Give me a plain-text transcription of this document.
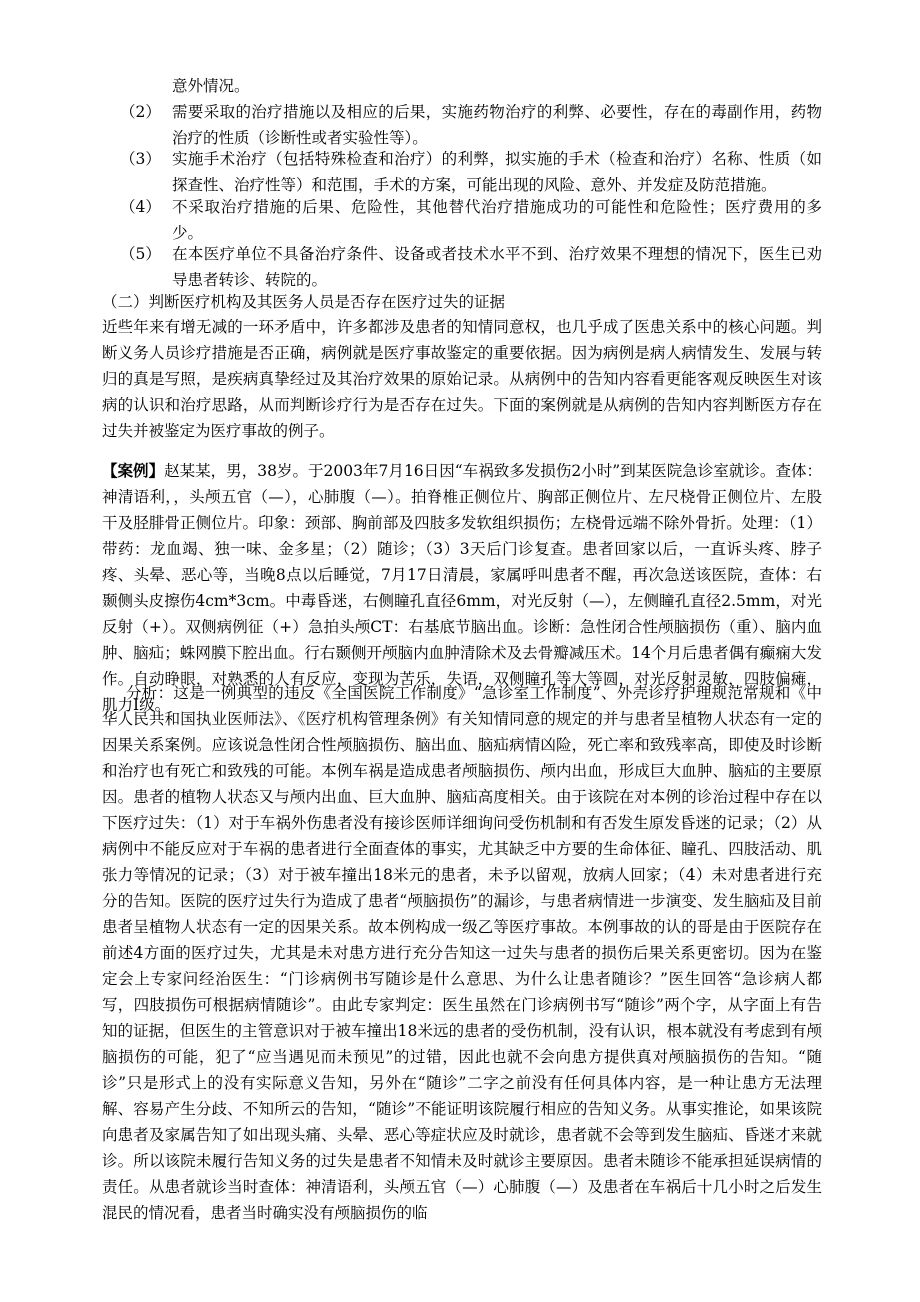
意外情况。
（2） 需要采取的治疗措施以及相应的后果，实施药物治疗的利弊、必要性，存在的毒副作用，药物治疗的性质（诊断性或者实验性等）。
（3） 实施手术治疗（包括特殊检查和治疗）的利弊，拟实施的手术（检查和治疗）名称、性质（如探查性、治疗性等）和范围，手术的方案，可能出现的风险、意外、并发症及防范措施。
（4） 不采取治疗措施的后果、危险性，其他替代治疗措施成功的可能性和危险性；医疗费用的多少。
（5） 在本医疗单位不具备治疗条件、设备或者技术水平不到、治疗效果不理想的情况下，医生已劝导患者转诊、转院的。
（二）判断医疗机构及其医务人员是否存在医疗过失的证据

近些年来有增无减的一环矛盾中，许多都涉及患者的知情同意权，也几乎成了医患关系中的核心问题。判断义务人员诊疗措施是否正确，病例就是医疗事故鉴定的重要依据。因为病例是病人病情发生、发展与转归的真是写照，是疾病真挚经过及其治疗效果的原始记录。从病例中的告知内容看更能客观反映医生对该病的认识和治疗思路，从而判断诊疗行为是否存在过失。下面的案例就是从病例的告知内容判断医方存在过失并被鉴定为医疗事故的例子。

【案例】赵某某，男，38岁。于2003年7月16日因“车祸致多发损伤2小时”到某医院急诊室就诊。查体：神清语利，，头颅五官（—），心肺腹（—）。拍脊椎正侧位片、胸部正侧位片、左尺桡骨正侧位片、左股干及胫腓骨正侧位片。印象：颈部、胸前部及四肢多发软组织损伤；左桡骨远端不除外骨折。处理：（1）带药：龙血竭、独一味、金多星；（2）随诊；（3）3天后门诊复查。患者回家以后，一直诉头疼、脖子疼、头晕、恶心等，当晚8点以后睡觉，7月17日清晨，家属呼叫患者不醒，再次急送该医院，查体：右颞侧头皮擦伤4cm*3cm。中毒昏迷，右侧瞳孔直径6mm，对光反射（—），左侧瞳孔直径2.5mm，对光反射（+）。双侧病例征（+）急拍头颅CT：右基底节脑出血。诊断：急性闭合性颅脑损伤（重）、脑内血肿、脑疝；蛛网膜下腔出血。行右颞侧开颅脑内血肿清除术及去骨瓣减压术。14个月后患者偶有癫痫大发作。自动睁眼，对熟悉的人有反应，变现为苦乐，失语，双侧瞳孔等大等圆，对光反射灵敏，四肢偏瘫，肌力I级。

分析：这是一例典型的违反《全国医院工作制度》“急诊室工作制度”、外壳诊疗护理规范常规和《中华人民共和国执业医师法》、《医疗机构管理条例》有关知情同意的规定的并与患者呈植物人状态有一定的因果关系案例。应该说急性闭合性颅脑损伤、脑出血、脑疝病情凶险，死亡率和致残率高，即使及时诊断和治疗也有死亡和致残的可能。本例车祸是造成患者颅脑损伤、颅内出血，形成巨大血肿、脑疝的主要原因。患者的植物人状态又与颅内出血、巨大血肿、脑疝高度相关。由于该院在对本例的诊治过程中存在以下医疗过失：（1）对于车祸外伤患者没有接诊医师详细询问受伤机制和有否发生原发昏迷的记录；（2）从病例中不能反应对于车祸的患者进行全面查体的事实，尤其缺乏中方要的生命体征、瞳孔、四肢活动、肌张力等情况的记录；（3）对于被车撞出18米元的患者，未予以留观，放病人回家；（4）未对患者进行充分的告知。医院的医疗过失行为造成了患者“颅脑损伤”的漏诊，与患者病情进一步演变、发生脑疝及目前患者呈植物人状态有一定的因果关系。故本例构成一级乙等医疗事故。本例事故的认的哥是由于医院存在前述4方面的医疗过失，尤其是未对患方进行充分告知这一过失与患者的损伤后果关系更密切。因为在鉴定会上专家问经治医生：“门诊病例书写随诊是什么意思、为什么让患者随诊？”医生回答“急诊病人都写，四肢损伤可根据病情随诊”。由此专家判定：医生虽然在门诊病例书写“随诊”两个字，从字面上有告知的证据，但医生的主管意识对于被车撞出18米远的患者的受伤机制，没有认识，根本就没有考虑到有颅脑损伤的可能，犯了“应当遇见而未预见”的过错，因此也就不会向患方提供真对颅脑损伤的告知。“随诊”只是形式上的没有实际意义告知，另外在“随诊”二字之前没有任何具体内容，是一种让患方无法理解、容易产生分歧、不知所云的告知，“随诊”不能证明该院履行相应的告知义务。从事实推论，如果该院向患者及家属告知了如出现头痛、头晕、恶心等症状应及时就诊，患者就不会等到发生脑疝、昏迷才来就诊。所以该院未履行告知义务的过失是患者不知情未及时就诊主要原因。患者未随诊不能承担延误病情的责任。从患者就诊当时查体：神清语利，头颅五官（—）心肺腹（—）及患者在车祸后十几小时之后发生混民的情况看，患者当时确实没有颅脑损伤的临
